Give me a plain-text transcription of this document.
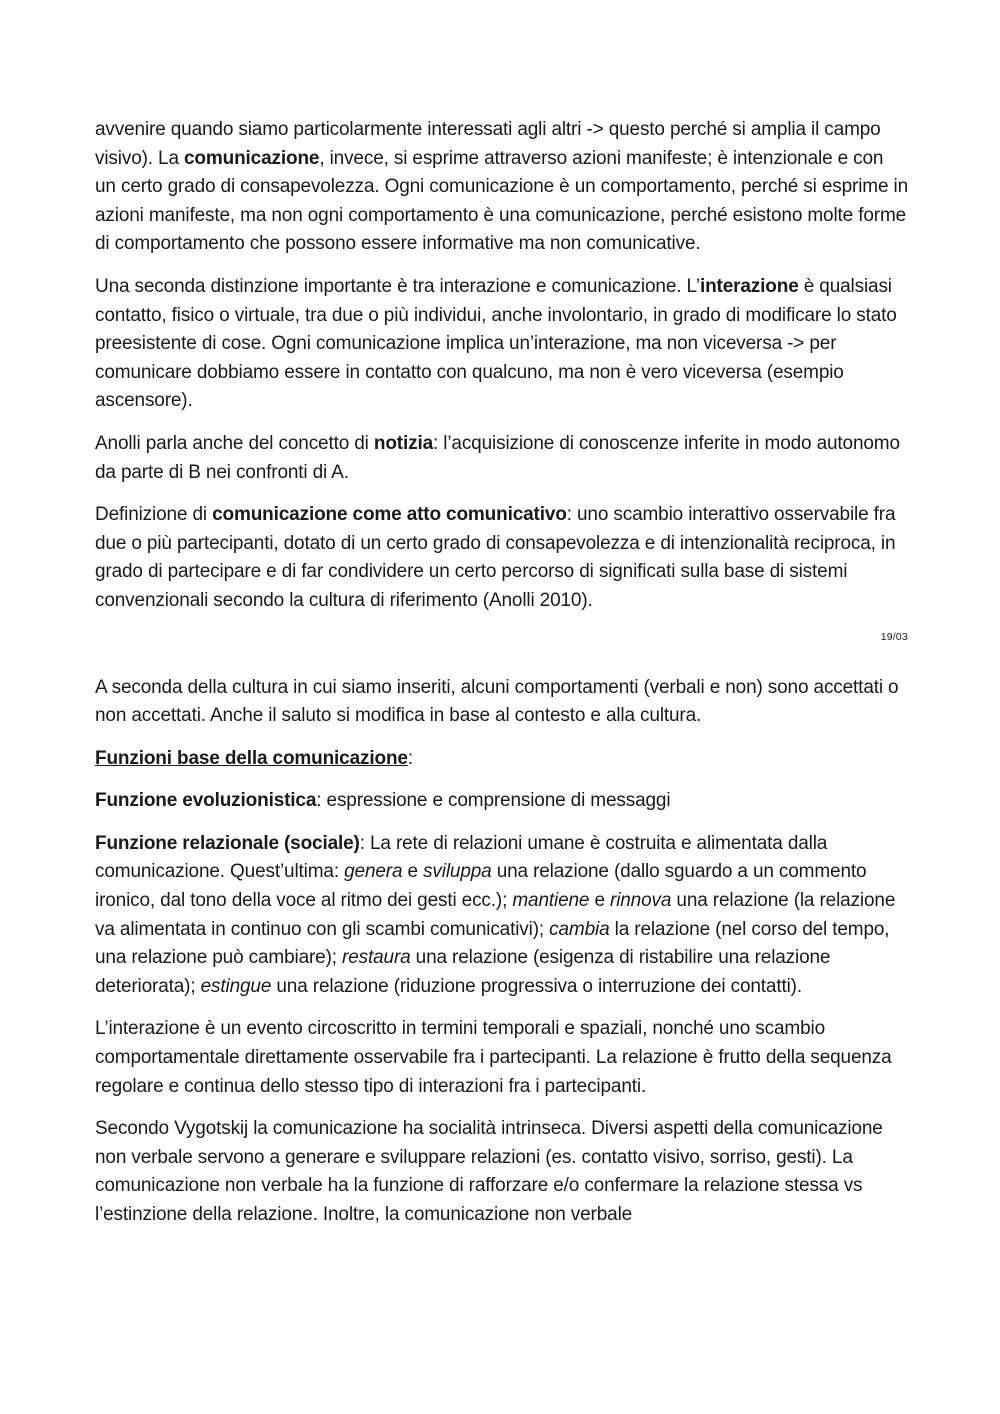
avvenire quando siamo particolarmente interessati agli altri -> questo perché si amplia il campo visivo). La comunicazione, invece, si esprime attraverso azioni manifeste; è intenzionale e con un certo grado di consapevolezza. Ogni comunicazione è un comportamento, perché si esprime in azioni manifeste, ma non ogni comportamento è una comunicazione, perché esistono molte forme di comportamento che possono essere informative ma non comunicative.

Una seconda distinzione importante è tra interazione e comunicazione. L’interazione è qualsiasi contatto, fisico o virtuale, tra due o più individui, anche involontario, in grado di modificare lo stato preesistente di cose. Ogni comunicazione implica un’interazione, ma non viceversa -> per comunicare dobbiamo essere in contatto con qualcuno, ma non è vero viceversa (esempio ascensore).

Anolli parla anche del concetto di notizia: l’acquisizione di conoscenze inferite in modo autonomo da parte di B nei confronti di A.

Definizione di comunicazione come atto comunicativo: uno scambio interattivo osservabile fra due o più partecipanti, dotato di un certo grado di consapevolezza e di intenzionalità reciproca, in grado di partecipare e di far condividere un certo percorso di significati sulla base di sistemi convenzionali secondo la cultura di riferimento (Anolli 2010).

19/03

A seconda della cultura in cui siamo inseriti, alcuni comportamenti (verbali e non) sono accettati o non accettati. Anche il saluto si modifica in base al contesto e alla cultura.

Funzioni base della comunicazione:

Funzione evoluzionistica: espressione e comprensione di messaggi

Funzione relazionale (sociale): La rete di relazioni umane è costruita e alimentata dalla comunicazione. Quest’ultima: genera e sviluppa una relazione (dallo sguardo a un commento ironico, dal tono della voce al ritmo dei gesti ecc.); mantiene e rinnova una relazione (la relazione va alimentata in continuo con gli scambi comunicativi); cambia la relazione (nel corso del tempo, una relazione può cambiare); restaura una relazione (esigenza di ristabilire una relazione deteriorata); estingue una relazione (riduzione progressiva o interruzione dei contatti).

L’interazione è un evento circoscritto in termini temporali e spaziali, nonché uno scambio comportamentale direttamente osservabile fra i partecipanti. La relazione è frutto della sequenza regolare e continua dello stesso tipo di interazioni fra i partecipanti.

Secondo Vygotskij la comunicazione ha socialità intrinseca. Diversi aspetti della comunicazione non verbale servono a generare e sviluppare relazioni (es. contatto visivo, sorriso, gesti). La comunicazione non verbale ha la funzione di rafforzare e/o confermare la relazione stessa vs l’estinzione della relazione. Inoltre, la comunicazione non verbale
